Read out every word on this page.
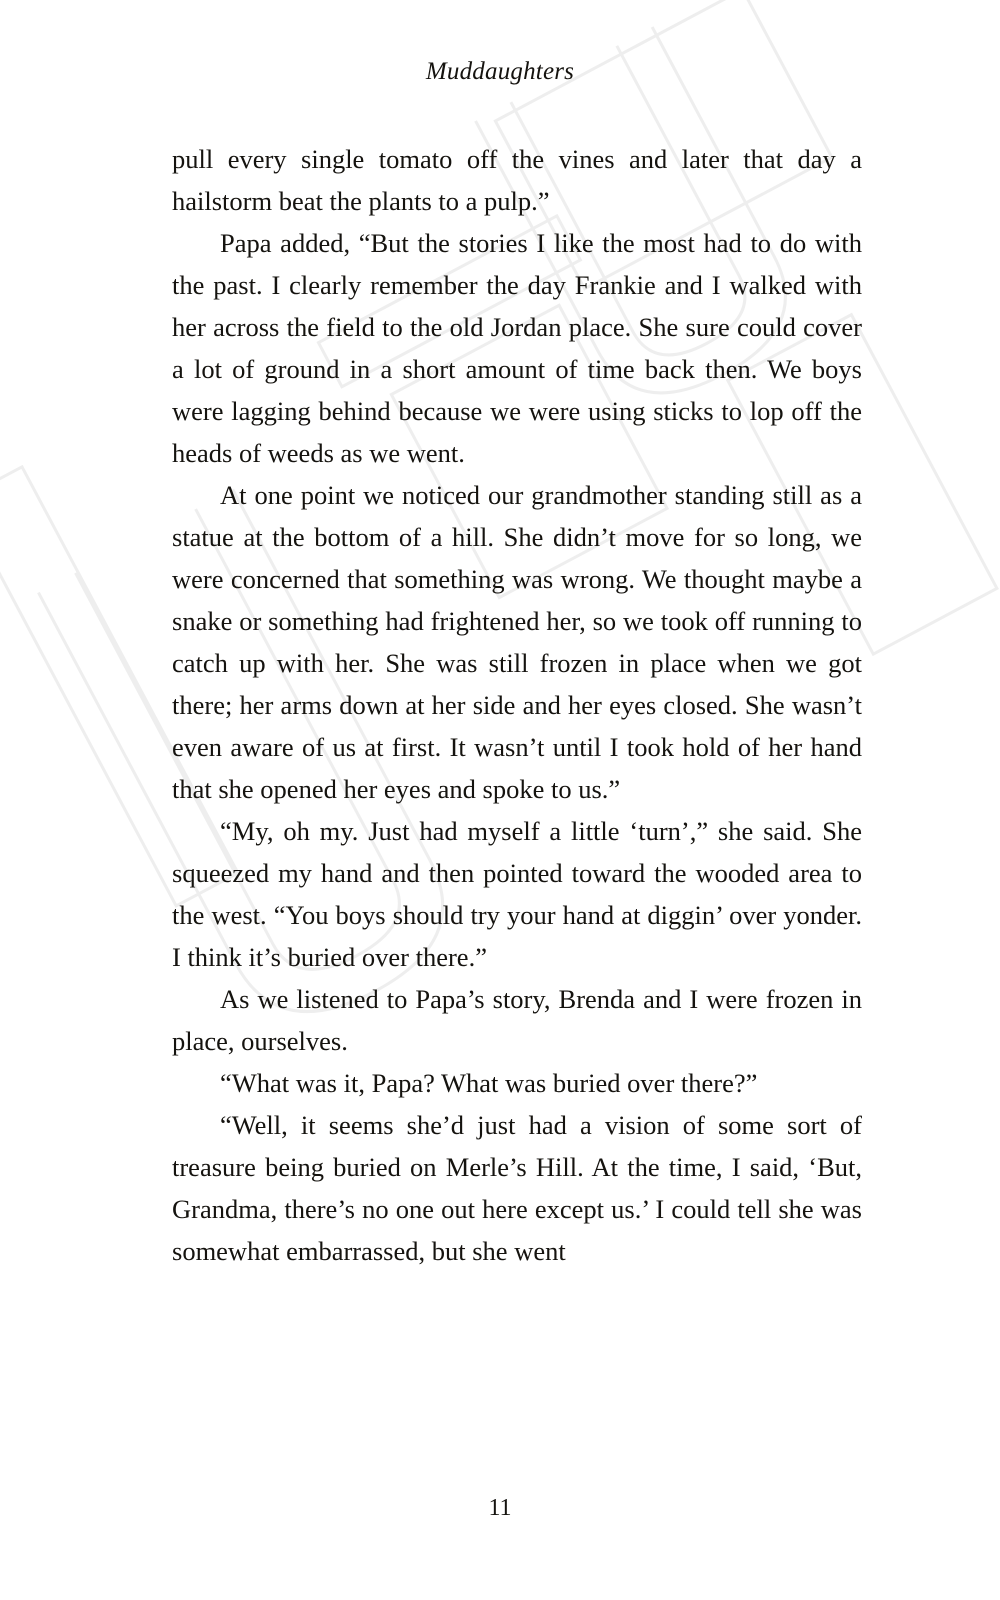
Muddaughters

pull every single tomato off the vines and later that day a hailstorm beat the plants to a pulp.”

Papa added, “But the stories I like the most had to do with the past. I clearly remember the day Frankie and I walked with her across the field to the old Jordan place. She sure could cover a lot of ground in a short amount of time back then. We boys were lagging behind because we were using sticks to lop off the heads of weeds as we went.

At one point we noticed our grandmother standing still as a statue at the bottom of a hill. She didn’t move for so long, we were concerned that something was wrong. We thought maybe a snake or something had frightened her, so we took off running to catch up with her. She was still frozen in place when we got there; her arms down at her side and her eyes closed. She wasn’t even aware of us at first. It wasn’t until I took hold of her hand that she opened her eyes and spoke to us.”

“My, oh my. Just had myself a little ‘turn’,” she said. She squeezed my hand and then pointed toward the wooded area to the west. “You boys should try your hand at diggin’ over yonder. I think it’s buried over there.”

As we listened to Papa’s story, Brenda and I were frozen in place, ourselves.

“What was it, Papa? What was buried over there?”

“Well, it seems she’d just had a vision of some sort of treasure being buried on Merle’s Hill. At the time, I said, ‘But, Grandma, there’s no one out here except us.’ I could tell she was somewhat embarrassed, but she went

11
